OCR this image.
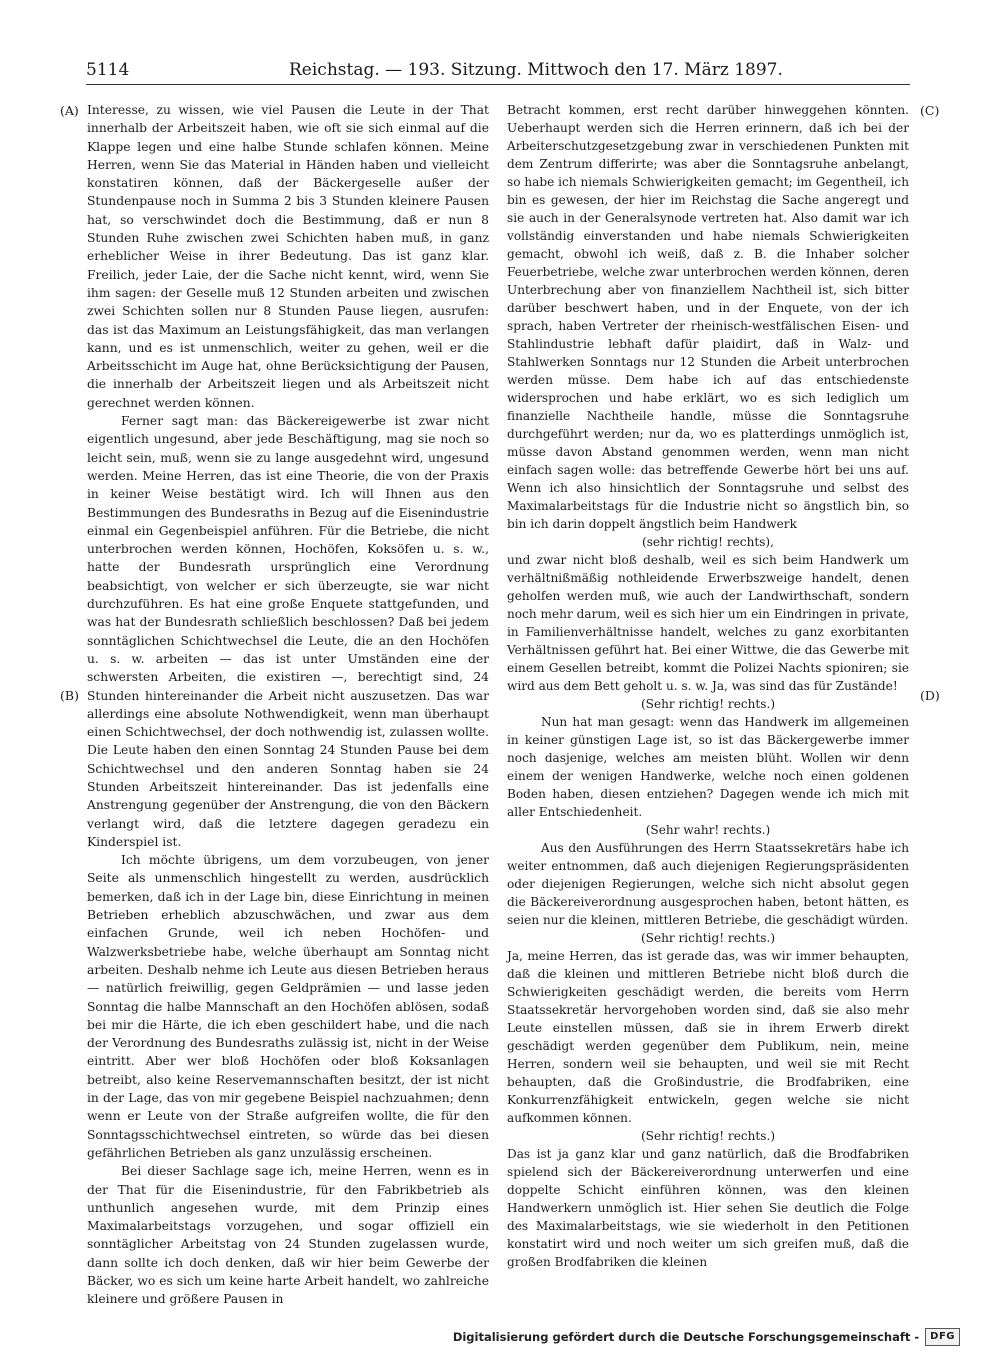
5114	Reichstag. — 193. Sitzung. Mittwoch den 17. März 1897.
(A)
(B)
(C)
(D)

Interesse, zu wissen, wie viel Pausen die Leute in der That innerhalb der Arbeitszeit haben, wie oft sie sich einmal auf die Klappe legen und eine halbe Stunde schlafen können. Meine Herren, wenn Sie das Material in Händen haben und vielleicht konstatiren können, daß der Bäckergeselle außer der Stundenpause noch in Summa 2 bis 3 Stunden kleinere Pausen hat, so verschwindet doch die Bestimmung, daß er nun 8 Stunden Ruhe zwischen zwei Schichten haben muß, in ganz erheblicher Weise in ihrer Bedeutung. Das ist ganz klar. Freilich, jeder Laie, der die Sache nicht kennt, wird, wenn Sie ihm sagen: der Geselle muß 12 Stunden arbeiten und zwischen zwei Schichten sollen nur 8 Stunden Pause liegen, ausrufen: das ist das Maximum an Leistungsfähigkeit, das man verlangen kann, und es ist unmenschlich, weiter zu gehen, weil er die Arbeitsschicht im Auge hat, ohne Berücksichtigung der Pausen, die innerhalb der Arbeitszeit liegen und als Arbeitszeit nicht gerechnet werden können.

Ferner sagt man: das Bäckereigewerbe ist zwar nicht eigentlich ungesund, aber jede Beschäftigung, mag sie noch so leicht sein, muß, wenn sie zu lange ausgedehnt wird, ungesund werden. Meine Herren, das ist eine Theorie, die von der Praxis in keiner Weise bestätigt wird. Ich will Ihnen aus den Bestimmungen des Bundesraths in Bezug auf die Eisenindustrie einmal ein Gegenbeispiel anführen. Für die Betriebe, die nicht unterbrochen werden können, Hochöfen, Koksöfen u. s. w., hatte der Bundesrath ursprünglich eine Verordnung beabsichtigt, von welcher er sich überzeugte, sie war nicht durchzuführen. Es hat eine große Enquete stattgefunden, und was hat der Bundesrath schließlich beschlossen? Daß bei jedem sonntäglichen Schichtwechsel die Leute, die an den Hochöfen u. s. w. arbeiten — das ist unter Umständen eine der schwersten Arbeiten, die existiren —, berechtigt sind, 24 Stunden hintereinander die Arbeit nicht auszusetzen. Das war allerdings eine absolute Nothwendigkeit, wenn man überhaupt einen Schichtwechsel, der doch nothwendig ist, zulassen wollte. Die Leute haben den einen Sonntag 24 Stunden Pause bei dem Schichtwechsel und den anderen Sonntag haben sie 24 Stunden Arbeitszeit hintereinander. Das ist jedenfalls eine Anstrengung gegenüber der Anstrengung, die von den Bäckern verlangt wird, daß die letztere dagegen geradezu ein Kinderspiel ist.

Ich möchte übrigens, um dem vorzubeugen, von jener Seite als unmenschlich hingestellt zu werden, ausdrücklich bemerken, daß ich in der Lage bin, diese Einrichtung in meinen Betrieben erheblich abzuschwächen, und zwar aus dem einfachen Grunde, weil ich neben Hochöfen- und Walzwerksbetriebe habe, welche überhaupt am Sonntag nicht arbeiten. Deshalb nehme ich Leute aus diesen Betrieben heraus — natürlich freiwillig, gegen Geldprämien — und lasse jeden Sonntag die halbe Mannschaft an den Hochöfen ablösen, sodaß bei mir die Härte, die ich eben geschildert habe, und die nach der Verordnung des Bundesraths zulässig ist, nicht in der Weise eintritt. Aber wer bloß Hochöfen oder bloß Koksanlagen betreibt, also keine Reservemannschaften besitzt, der ist nicht in der Lage, das von mir gegebene Beispiel nachzuahmen; denn wenn er Leute von der Straße aufgreifen wollte, die für den Sonntagsschichtwechsel eintreten, so würde das bei diesen gefährlichen Betrieben als ganz unzulässig erscheinen.

Bei dieser Sachlage sage ich, meine Herren, wenn es in der That für die Eisenindustrie, für den Fabrikbetrieb als unthunlich angesehen wurde, mit dem Prinzip eines Maximalarbeitstags vorzugehen, und sogar offiziell ein sonntäglicher Arbeitstag von 24 Stunden zugelassen wurde, dann sollte ich doch denken, daß wir hier beim Gewerbe der Bäcker, wo es sich um keine harte Arbeit handelt, wo zahlreiche kleinere und größere Pausen in

Betracht kommen, erst recht darüber hinweggehen könnten. Ueberhaupt werden sich die Herren erinnern, daß ich bei der Arbeiterschutzgesetzgebung zwar in verschiedenen Punkten mit dem Zentrum differirte; was aber die Sonntagsruhe anbelangt, so habe ich niemals Schwierigkeiten gemacht; im Gegentheil, ich bin es gewesen, der hier im Reichstag die Sache angeregt und sie auch in der Generalsynode vertreten hat. Also damit war ich vollständig einverstanden und habe niemals Schwierigkeiten gemacht, obwohl ich weiß, daß z. B. die Inhaber solcher Feuerbetriebe, welche zwar unterbrochen werden können, deren Unterbrechung aber von finanziellem Nachtheil ist, sich bitter darüber beschwert haben, und in der Enquete, von der ich sprach, haben Vertreter der rheinisch-westfälischen Eisen- und Stahlindustrie lebhaft dafür plaidirt, daß in Walz- und Stahlwerken Sonntags nur 12 Stunden die Arbeit unterbrochen werden müsse. Dem habe ich auf das entschiedenste widersprochen und habe erklärt, wo es sich lediglich um finanzielle Nachtheile handle, müsse die Sonntagsruhe durchgeführt werden; nur da, wo es platterdings unmöglich ist, müsse davon Abstand genommen werden, wenn man nicht einfach sagen wolle: das betreffende Gewerbe hört bei uns auf. Wenn ich also hinsichtlich der Sonntagsruhe und selbst des Maximalarbeitstags für die Industrie nicht so ängstlich bin, so bin ich darin doppelt ängstlich beim Handwerk

(sehr richtig! rechts),

und zwar nicht bloß deshalb, weil es sich beim Handwerk um verhältnißmäßig nothleidende Erwerbszweige handelt, denen geholfen werden muß, wie auch der Landwirthschaft, sondern noch mehr darum, weil es sich hier um ein Eindringen in private, in Familienverhältnisse handelt, welches zu ganz exorbitanten Verhältnissen geführt hat. Bei einer Wittwe, die das Gewerbe mit einem Gesellen betreibt, kommt die Polizei Nachts spioniren; sie wird aus dem Bett geholt u. s. w. Ja, was sind das für Zustände!

(Sehr richtig! rechts.)

Nun hat man gesagt: wenn das Handwerk im allgemeinen in keiner günstigen Lage ist, so ist das Bäckergewerbe immer noch dasjenige, welches am meisten blüht. Wollen wir denn einem der wenigen Handwerke, welche noch einen goldenen Boden haben, diesen entziehen? Dagegen wende ich mich mit aller Entschiedenheit.

(Sehr wahr! rechts.)

Aus den Ausführungen des Herrn Staatssekretärs habe ich weiter entnommen, daß auch diejenigen Regierungspräsidenten oder diejenigen Regierungen, welche sich nicht absolut gegen die Bäckereiverordnung ausgesprochen haben, betont hätten, es seien nur die kleinen, mittleren Betriebe, die geschädigt würden.

(Sehr richtig! rechts.)

Ja, meine Herren, das ist gerade das, was wir immer behaupten, daß die kleinen und mittleren Betriebe nicht bloß durch die Schwierigkeiten geschädigt werden, die bereits vom Herrn Staatssekretär hervorgehoben worden sind, daß sie also mehr Leute einstellen müssen, daß sie in ihrem Erwerb direkt geschädigt werden gegenüber dem Publikum, nein, meine Herren, sondern weil sie behaupten, und weil sie mit Recht behaupten, daß die Großindustrie, die Brodfabriken, eine Konkurrenzfähigkeit entwickeln, gegen welche sie nicht aufkommen können.

(Sehr richtig! rechts.)

Das ist ja ganz klar und ganz natürlich, daß die Brodfabriken spielend sich der Bäckereiverordnung unterwerfen und eine doppelte Schicht einführen können, was den kleinen Handwerkern unmöglich ist. Hier sehen Sie deutlich die Folge des Maximalarbeitstags, wie sie wiederholt in den Petitionen konstatirt wird und noch weiter um sich greifen muß, daß die großen Brodfabriken die kleinen

Digitalisierung gefördert durch die Deutsche Forschungsgemeinschaft -	DFG
